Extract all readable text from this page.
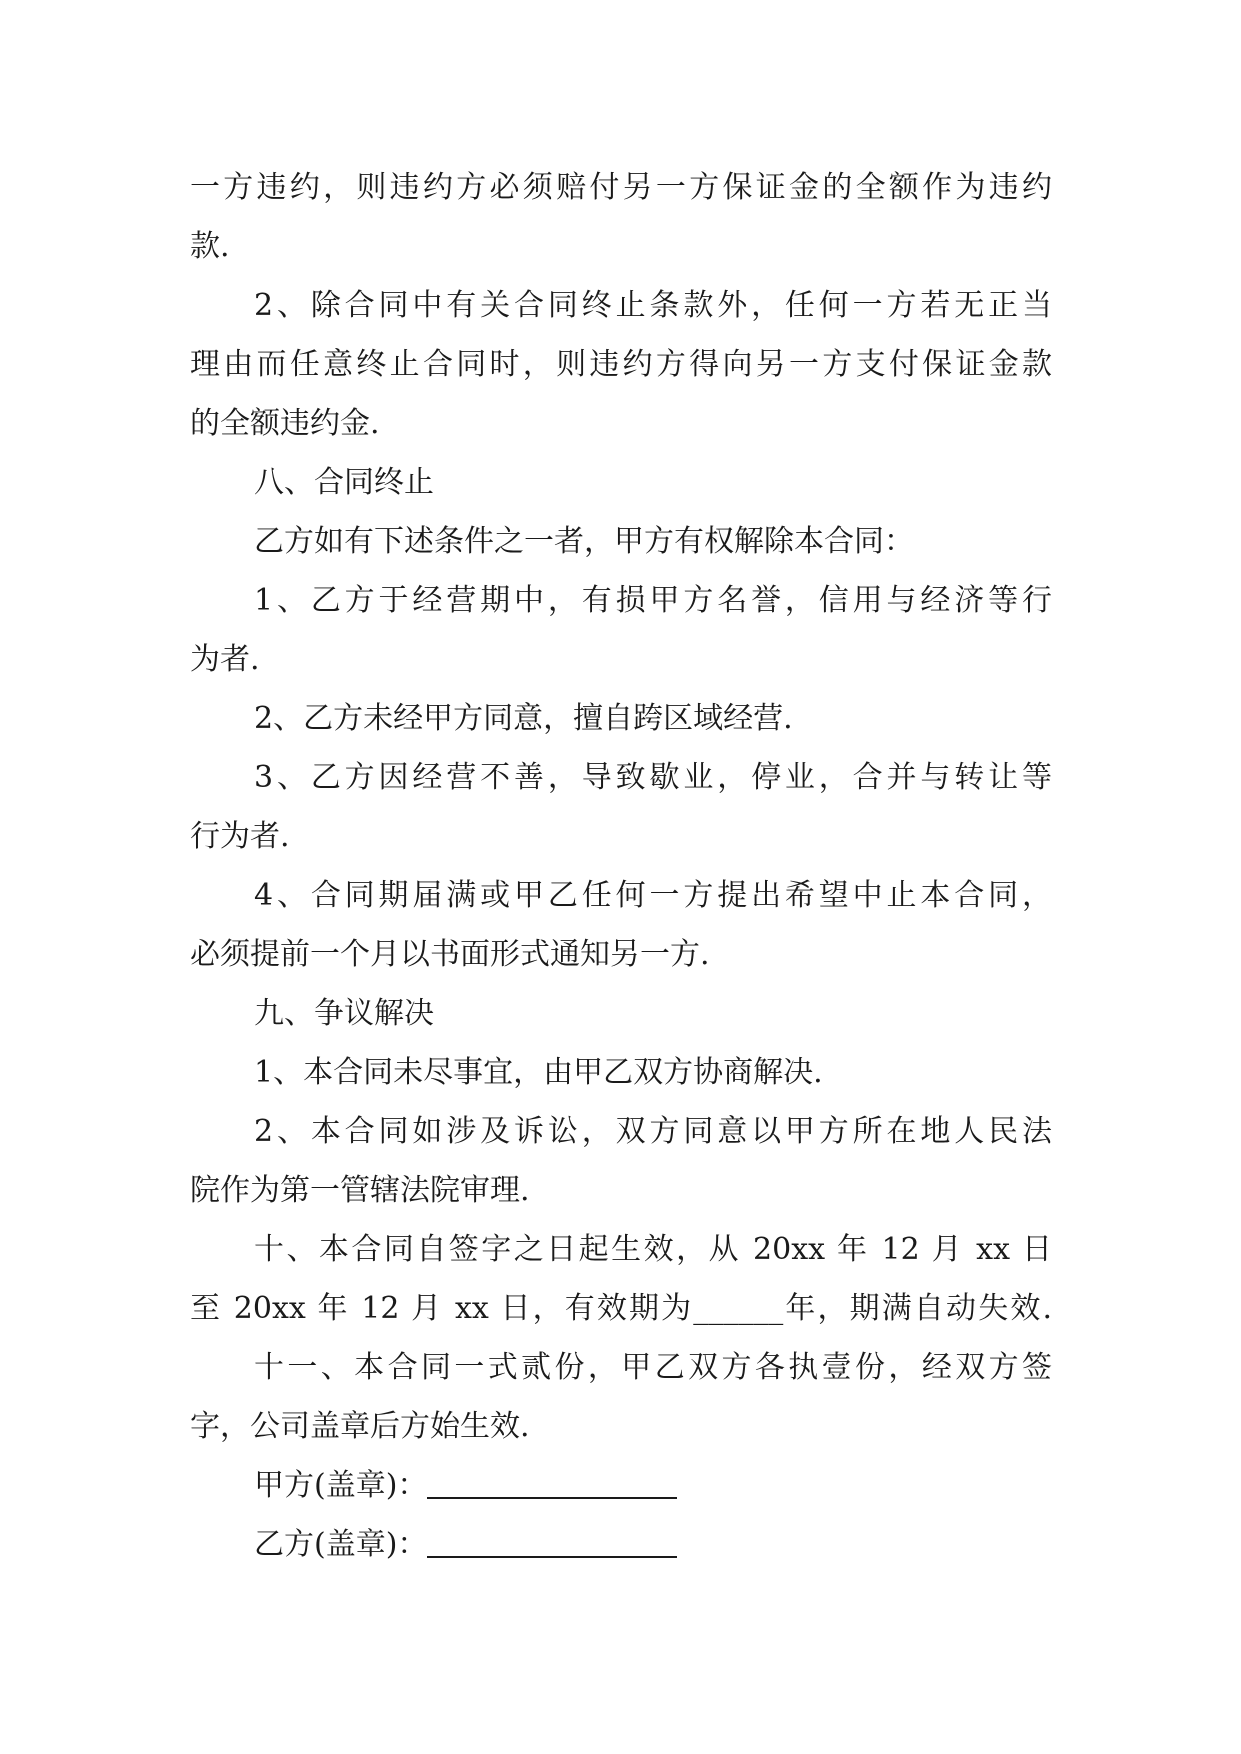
一方违约，则违约方必须赔付另一方保证金的全额作为违约
款.
2、除合同中有关合同终止条款外，任何一方若无正当
理由而任意终止合同时，则违约方得向另一方支付保证金款
的全额违约金.
八、合同终止
乙方如有下述条件之一者，甲方有权解除本合同：
1、乙方于经营期中，有损甲方名誉，信用与经济等行
为者.
2、乙方未经甲方同意，擅自跨区域经营.
3、乙方因经营不善，导致歇业，停业，合并与转让等
行为者.
4、合同期届满或甲乙任何一方提出希望中止本合同，
必须提前一个月以书面形式通知另一方.
九、争议解决
1、本合同未尽事宜，由甲乙双方协商解决.
2、本合同如涉及诉讼，双方同意以甲方所在地人民法
院作为第一管辖法院审理.
十、本合同自签字之日起生效，从 20xx 年 12 月 xx 日
至 20xx 年 12 月 xx 日，有效期为______年，期满自动失效.
十一、本合同一式贰份，甲乙双方各执壹份，经双方签
字，公司盖章后方始生效.
甲方(盖章)：
乙方(盖章)：
